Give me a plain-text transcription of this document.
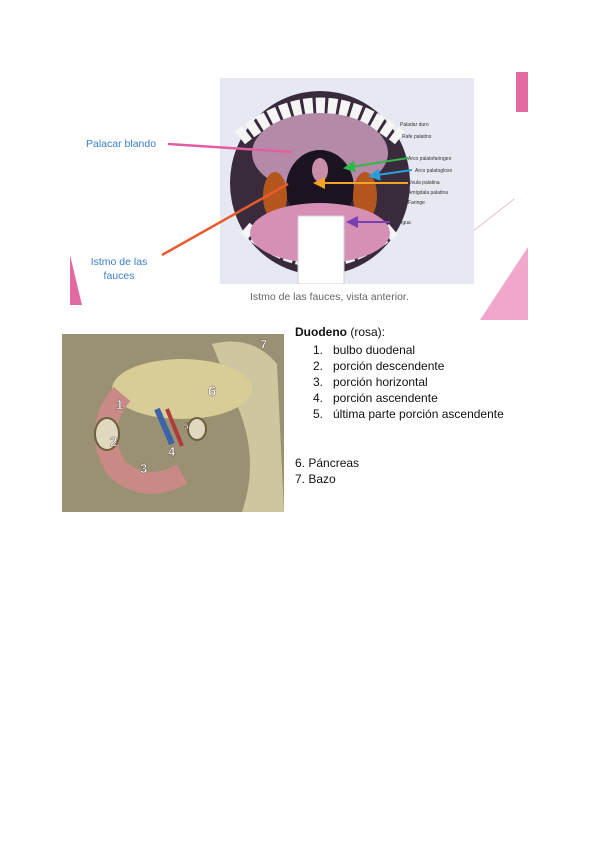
Paladar duro
Rafe palatino
Arco palatofaringeo
Arco palatogloso
Úvula palatina
Amígdala palatina
Faringe
Lengua
Palacar blando
Istmo de las fauces
Istmo de las fauces, vista anterior.
1
2
3
4
5
6
7
Duodeno (rosa):
1. bulbo duodenal
2. porción descendente
3. porción horizontal
4. porción ascendente
5. última parte porción ascendente
6. Páncreas
7. Bazo
